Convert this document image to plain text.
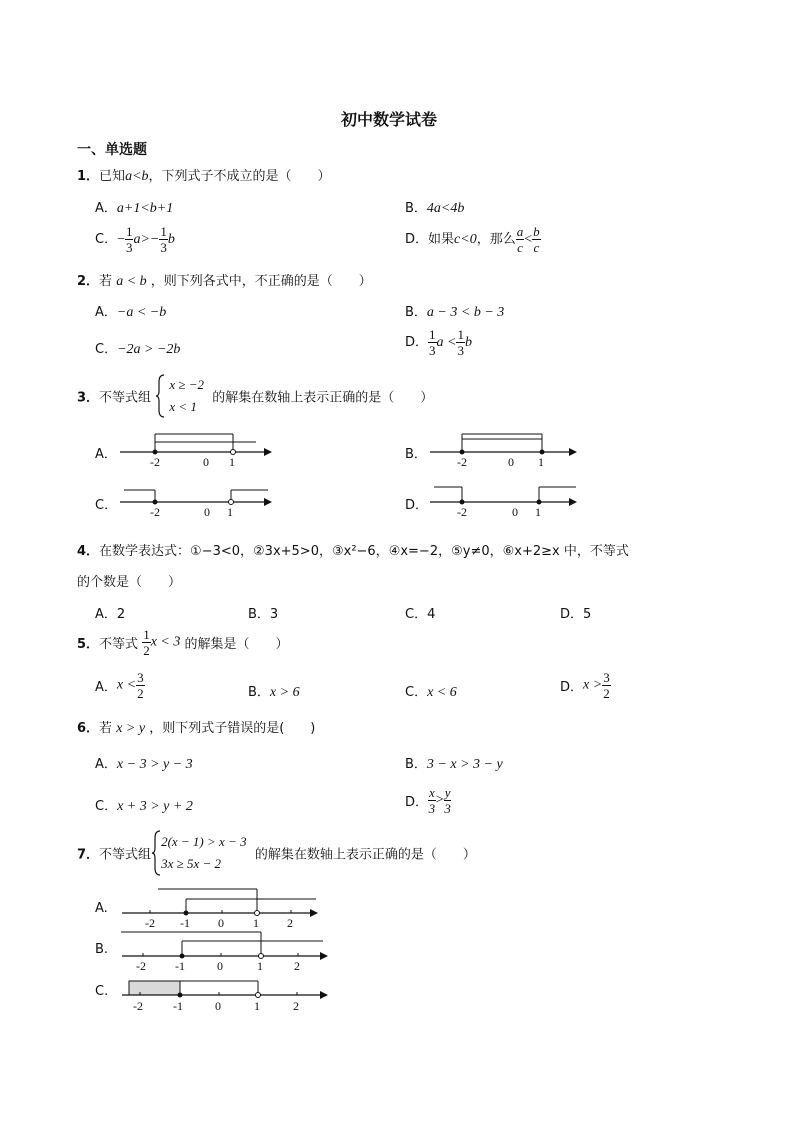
初中数学试卷
一、单选题
1．已知a<b，下列式子不成立的是（　　）
A．a+1<b+1	B．4a<4b
C．− $\frac{1}{3} a>- \frac{1}{3}$ b	D．如果c<0，那么 $\frac{a}{c} < \frac{b}{c}$
2．若 a < b ，则下列各式中，不正确的是（　　）
A．−a < −b	B．a − 3 < b − 3
C．−2a > −2b	D． $\frac{1}{3}$ $a < \frac{1}{3}$ b
3．不等式组
x ≥ −2
x < 1
的解集在数轴上表示正确的是（　　）
A．	-2	0 1	B．	-2	0 1
C．	-2	0 1	D． -2	0 1
4．在数学表达式：①−3<0，②3x+5>0，③x²−6，④x=−2，⑤y≠0，⑥x+2≥x 中，不等式
的个数是（　　）
A．2	B．3	C．4	D．5
5．不等式 $\frac{1}{2}$ x < 3 的解集是（　　）
A．$x < \frac{3}{2}$	B．x > 6	C．x < 6	D．$x > \frac{3}{2}$
6．若 x > y ，则下列式子错误的是(　　)
A．x − 3 > y − 3	B．3 − x > 3 − y
C．x + 3 > y + 2	D． $\frac{x}{3} > \frac{y}{3}$
7．不等式组
2(x − 1) > x − 3
3x ≥ 5x − 2
的解集在数轴上表示正确的是（　　）
A.
-2 -1 0 1 2
B.
-2 -1	0	1	2
C.
-2	-1	0	1	2
